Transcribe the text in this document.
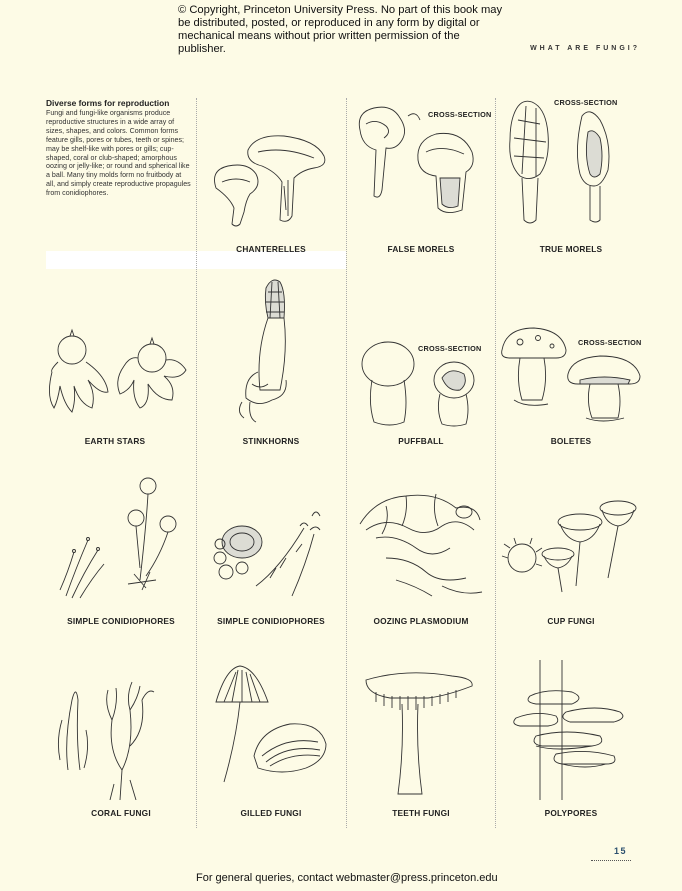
© Copyright, Princeton University Press. No part of this book may be distributed, posted, or reproduced in any form by digital or mechanical means without prior written permission of the publisher.	WHAT ARE FUNGI?
Diverse forms for reproduction
Fungi and fungi-like organisms produce reproductive structures in a wide array of sizes, shapes, and colors. Common forms feature gills, pores or tubes, teeth or spines; may be shelf-like with pores or gills; cup-shaped, coral or club-shaped; amorphous oozing or jelly-like; or round and spherical like a ball. Many tiny molds form no fruitbody at all, and simply create reproductive propagules from conidiophores.
CHANTERELLES
CROSS-SECTION
FALSE MORELS
CROSS-SECTION
TRUE MORELS
EARTH STARS	STINKHORNS
CROSS-SECTION
PUFFBALL
CROSS-SECTION
BOLETES
SIMPLE CONIDIOPHORES	SIMPLE CONIDIOPHORES	OOZING PLASMODIUM	CUP FUNGI
CORAL FUNGI	GILLED FUNGI	TEETH FUNGI	POLYPORES
15
For general queries, contact webmaster@press.princeton.edu
